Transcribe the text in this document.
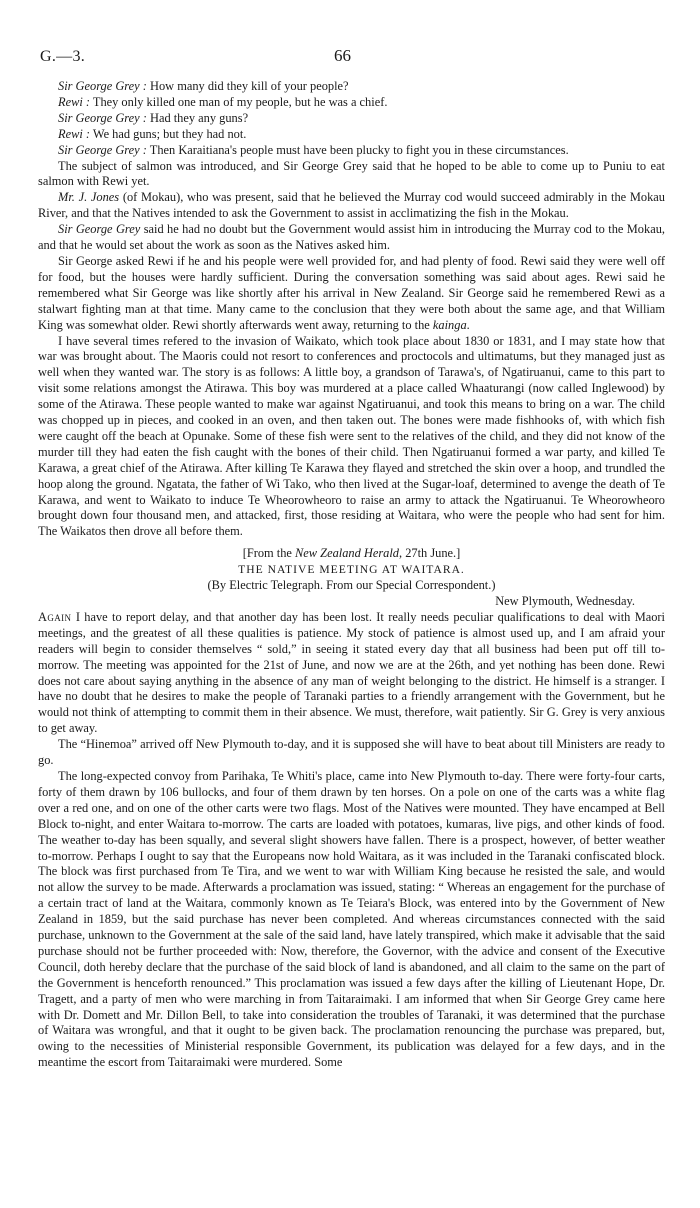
G.—3.	66

Sir George Grey : How many did they kill of your people?

Rewi : They only killed one man of my people, but he was a chief.

Sir George Grey : Had they any guns?

Rewi : We had guns; but they had not.

Sir George Grey : Then Karaitiana's people must have been plucky to fight you in these circumstances.

The subject of salmon was introduced, and Sir George Grey said that he hoped to be able to come up to Puniu to eat salmon with Rewi yet.

Mr. J. Jones (of Mokau), who was present, said that he believed the Murray cod would succeed admirably in the Mokau River, and that the Natives intended to ask the Government to assist in acclimatizing the fish in the Mokau.

Sir George Grey said he had no doubt but the Government would assist him in introducing the Murray cod to the Mokau, and that he would set about the work as soon as the Natives asked him.

Sir George asked Rewi if he and his people were well provided for, and had plenty of food. Rewi said they were well off for food, but the houses were hardly sufficient. During the conversation something was said about ages. Rewi said he remembered what Sir George was like shortly after his arrival in New Zealand. Sir George said he remembered Rewi as a stalwart fighting man at that time. Many came to the conclusion that they were both about the same age, and that William King was somewhat older. Rewi shortly afterwards went away, returning to the kainga.

I have several times refered to the invasion of Waikato, which took place about 1830 or 1831, and I may state how that war was brought about. The Maoris could not resort to conferences and proctocols and ultimatums, but they managed just as well when they wanted war. The story is as follows: A little boy, a grandson of Tarawa's, of Ngatiruanui, came to this part to visit some relations amongst the Atirawa. This boy was murdered at a place called Whaaturangi (now called Inglewood) by some of the Atirawa. These people wanted to make war against Ngatiruanui, and took this means to bring on a war. The child was chopped up in pieces, and cooked in an oven, and then taken out. The bones were made fishhooks of, with which fish were caught off the beach at Opunake. Some of these fish were sent to the relatives of the child, and they did not know of the murder till they had eaten the fish caught with the bones of their child. Then Ngatiruanui formed a war party, and killed Te Karawa, a great chief of the Atirawa. After killing Te Karawa they flayed and stretched the skin over a hoop, and trundled the hoop along the ground. Ngatata, the father of Wi Tako, who then lived at the Sugar-loaf, determined to avenge the death of Te Karawa, and went to Waikato to induce Te Wheorowheoro to raise an army to attack the Ngatiruanui. Te Wheorowheoro brought down four thousand men, and attacked, first, those residing at Waitara, who were the people who had sent for him. The Waikatos then drove all before them.

[From the New Zealand Herald, 27th June.]

THE NATIVE MEETING AT WAITARA.

(By Electric Telegraph. From our Special Correspondent.)

New Plymouth, Wednesday.

Again I have to report delay, and that another day has been lost. It really needs peculiar qualifications to deal with Maori meetings, and the greatest of all these qualities is patience. My stock of patience is almost used up, and I am afraid your readers will begin to consider themselves “ sold,” in seeing it stated every day that all business had been put off till to-morrow. The meeting was appointed for the 21st of June, and now we are at the 26th, and yet nothing has been done. Rewi does not care about saying anything in the absence of any man of weight belonging to the district. He himself is a stranger. I have no doubt that he desires to make the people of Taranaki parties to a friendly arrangement with the Government, but he would not think of attempting to commit them in their absence. We must, therefore, wait patiently. Sir G. Grey is very anxious to get away.

The “Hinemoa” arrived off New Plymouth to-day, and it is supposed she will have to beat about till Ministers are ready to go.

The long-expected convoy from Parihaka, Te Whiti's place, came into New Plymouth to-day. There were forty-four carts, forty of them drawn by 106 bullocks, and four of them drawn by ten horses. On a pole on one of the carts was a white flag over a red one, and on one of the other carts were two flags. Most of the Natives were mounted. They have encamped at Bell Block to-night, and enter Waitara to-morrow. The carts are loaded with potatoes, kumaras, live pigs, and other kinds of food. The weather to-day has been squally, and several slight showers have fallen. There is a prospect, however, of better weather to-morrow. Perhaps I ought to say that the Europeans now hold Waitara, as it was included in the Taranaki confiscated block. The block was first purchased from Te Tira, and we went to war with William King because he resisted the sale, and would not allow the survey to be made. Afterwards a proclamation was issued, stating: “ Whereas an engagement for the purchase of a certain tract of land at the Waitara, commonly known as Te Teiara's Block, was entered into by the Government of New Zealand in 1859, but the said purchase has never been completed. And whereas circumstances connected with the said purchase, unknown to the Government at the sale of the said land, have lately transpired, which make it advisable that the said purchase should not be further proceeded with: Now, therefore, the Governor, with the advice and consent of the Executive Council, doth hereby declare that the purchase of the said block of land is abandoned, and all claim to the same on the part of the Government is henceforth renounced.” This proclamation was issued a few days after the killing of Lieutenant Hope, Dr. Tragett, and a party of men who were marching in from Taitaraimaki. I am informed that when Sir George Grey came here with Dr. Domett and Mr. Dillon Bell, to take into consideration the troubles of Taranaki, it was determined that the purchase of Waitara was wrongful, and that it ought to be given back. The proclamation renouncing the purchase was prepared, but, owing to the necessities of Ministerial responsible Government, its publication was delayed for a few days, and in the meantime the escort from Taitaraimaki were murdered. Some
